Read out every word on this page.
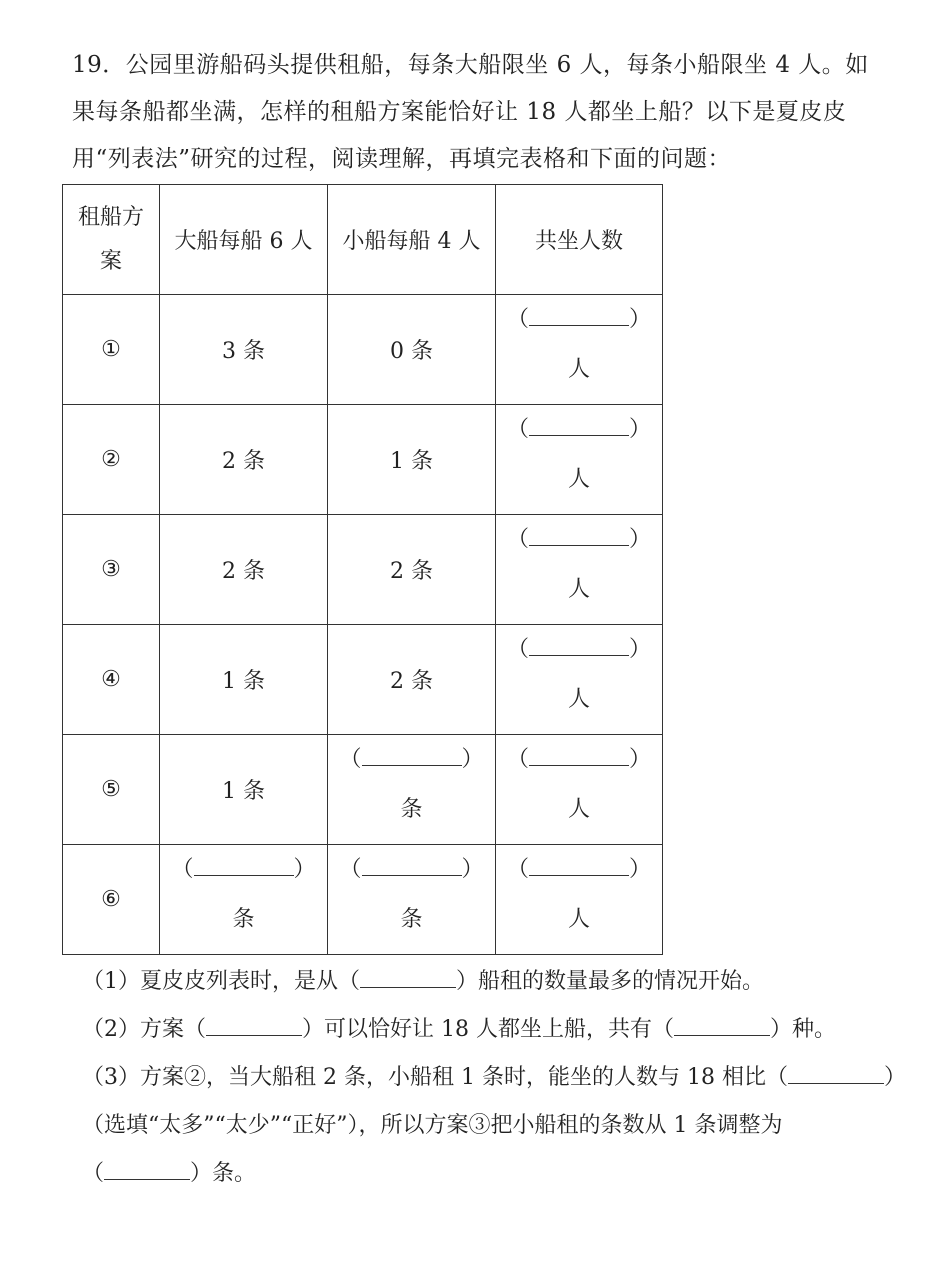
19．公园里游船码头提供租船，每条大船限坐 6 人，每条小船限坐 4 人。如

果每条船都坐满，怎样的租船方案能恰好让 18 人都坐上船？以下是夏皮皮

用“列表法”研究的过程，阅读理解，再填完表格和下面的问题：

租船方
案	大船每船 6 人	小船每船 4 人	共坐人数
①	3 条	0 条	（ ）
人

②	2 条	1 条	（ ）
人

③	2 条	2 条	（ ）
人

④	1 条	2 条	（ ）
人

⑤	1 条	（ ）
条	（ ）
人

⑥	（ ）
条	（ ）
条	（ ）
人

（1）夏皮皮列表时，是从（	）船租的数量最多的情况开始。

（2）方案（	）可以恰好让 18 人都坐上船，共有（	）种。

（3）方案②，当大船租 2 条，小船租 1 条时，能坐的人数与 18 相比（	）

（选填“太多”“太少”“正好”），所以方案③把小船租的条数从 1 条调整为

（	）条。
